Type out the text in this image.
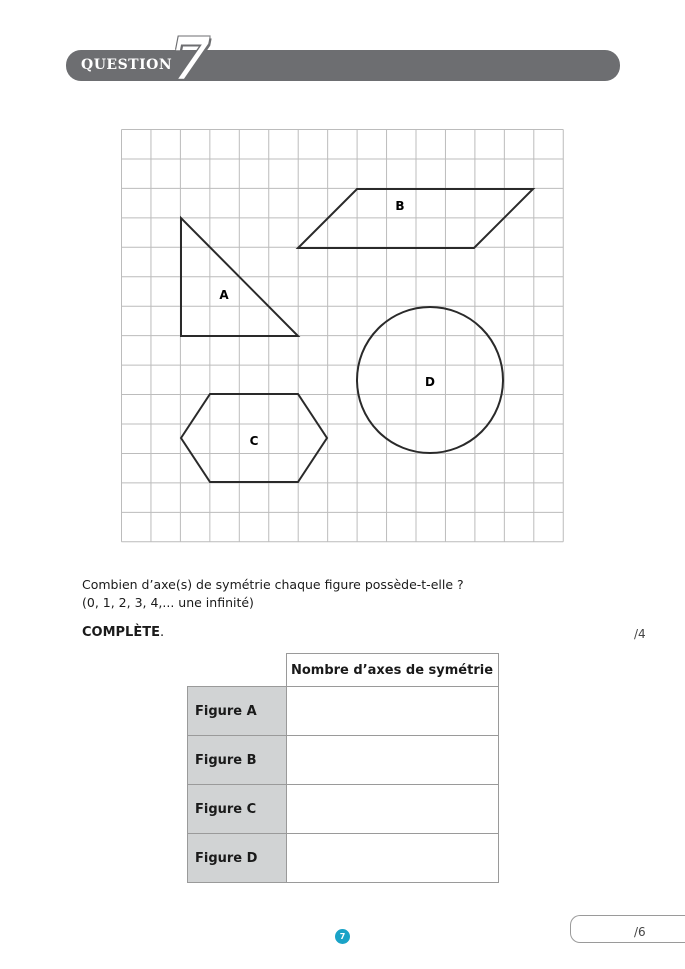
QUESTION
7
A
B
C
D
Combien d’axe(s) de symétrie chaque figure possède-t-elle ?
(0, 1, 2, 3, 4,... une infinité)
COMPLÈTE.	/4
	Nombre d’axes de symétrie
Figure A	
Figure B	
Figure C	
Figure D	
/6
7
